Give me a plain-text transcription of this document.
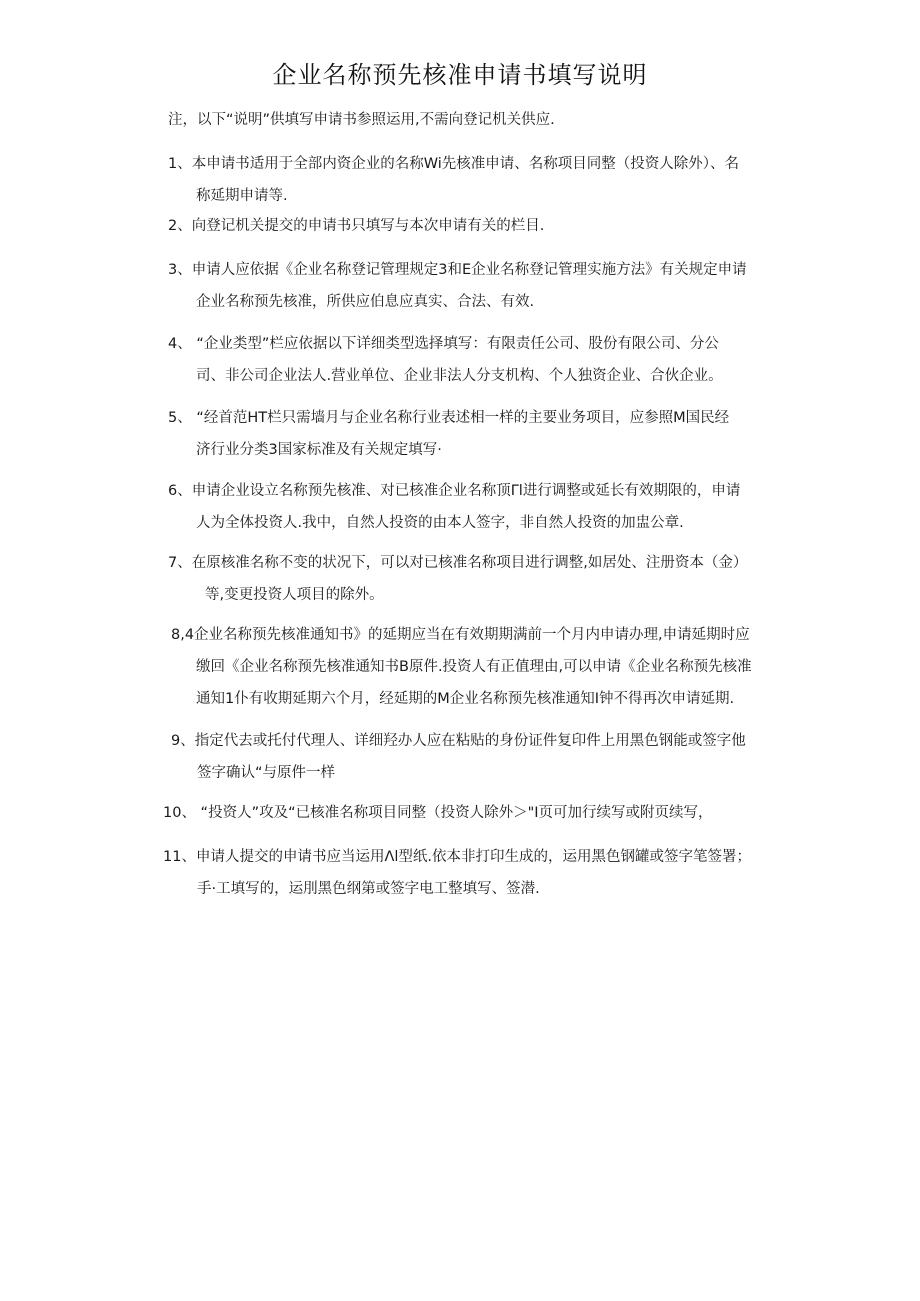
企业名称预先核准申请书填写说明
注，以下“说明”供填写申请书参照运用,不需向登记机关供应.
1、本申请书适用于全部内资企业的名称Wi先核准申请、名称项目同整（投资人除外）、名
称延期申请等.
2、向登记机关提交的申请书只填写与本次申请有关的栏目.
3、申请人应依据《企业名称登记管理规定3和E企业名称登记管理实施方法》有关规定申请
企业名称预先核准，所供应伯息应真实、合法、有效.
4、 “企业类型”栏应依据以下详细类型选择填写：有限责任公司、股份有限公司、分公
司、非公司企业法人.营业单位、企业非法人分支机构、个人独资企业、合伙企业。
5、 “经首范HT栏只需墙月与企业名称行业表述相一样的主要业务项目，应参照M国民经
济行业分类3国家标准及有关规定填写·
6、申请企业设立名称预先核准、对已核准企业名称顶Γl进行调整或延长有效期限的，申请
人为全体投资人.我中，自然人投资的由本人签字，非自然人投资的加盅公章.
7、在原核准名称不变的状况下，可以对已核准名称项目进行调整,如居处、注册资本（金）
等,变更投资人项目的除外。
8,4企业名称预先核准通知书》的延期应当在有效期期满前一个月内申请办理,申请延期时应
缴回《企业名称预先核准通知书B原件.投资人有正值理由,可以申请《企业名称预先核准
通知1仆有收期延期六个月，经延期的M企业名称预先核准通知Ι钟不得再次申请延期.
9、指定代去或托付代理人、详细羟办人应在粘贴的身份证件复印件上用黑色钢能或签字他
签字确认“与原件一样
10、 “投资人”攻及“已核准名称项目同整（投资人除外＞"I页可加行续写或附页续写，
11、申请人提交的申请书应当运用Λl型纸.依本非打印生成的，运用黑色钢罐或签字笔签署；
手·工填写的，运刖黑色纲第或签字电工整填写、签潜.
